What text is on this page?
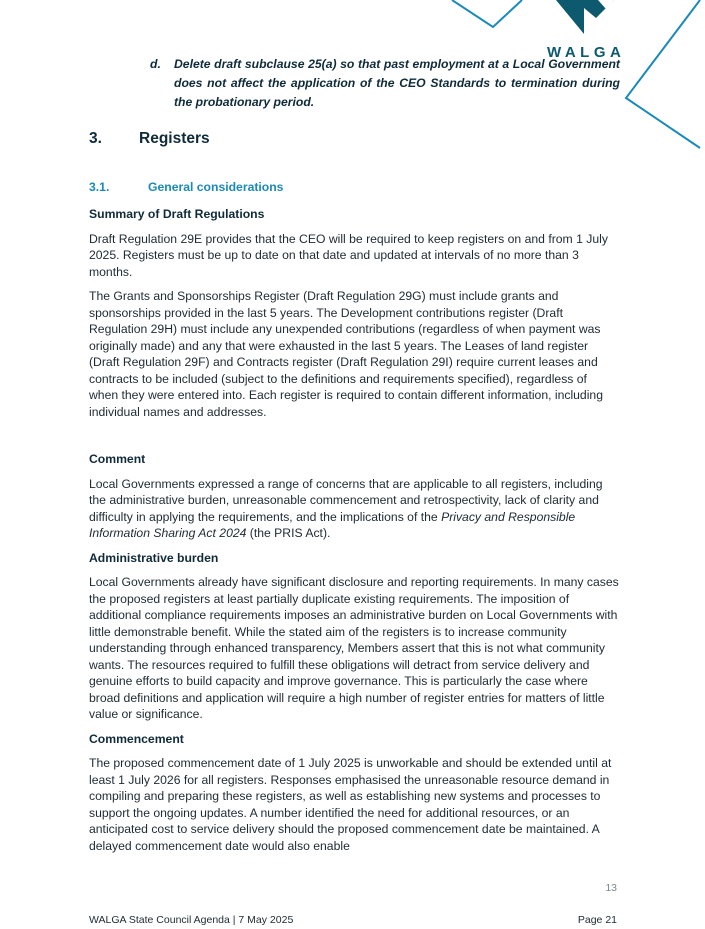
WALGA
d. Delete draft subclause 25(a) so that past employment at a Local Government does not affect the application of the CEO Standards to termination during the probationary period.
3. Registers
3.1.	General considerations

Summary of Draft Regulations

Draft Regulation 29E provides that the CEO will be required to keep registers on and from 1 July 2025. Registers must be up to date on that date and updated at intervals of no more than 3 months.

The Grants and Sponsorships Register (Draft Regulation 29G) must include grants and sponsorships provided in the last 5 years. The Development contributions register (Draft Regulation 29H) must include any unexpended contributions (regardless of when payment was originally made) and any that were exhausted in the last 5 years. The Leases of land register (Draft Regulation 29F) and Contracts register (Draft Regulation 29I) require current leases and contracts to be included (subject to the definitions and requirements specified), regardless of when they were entered into. Each register is required to contain different information, including individual names and addresses.

Comment

Local Governments expressed a range of concerns that are applicable to all registers, including the administrative burden, unreasonable commencement and retrospectivity, lack of clarity and difficulty in applying the requirements, and the implications of the Privacy and Responsible Information Sharing Act 2024 (the PRIS Act).

Administrative burden

Local Governments already have significant disclosure and reporting requirements. In many cases the proposed registers at least partially duplicate existing requirements. The imposition of additional compliance requirements imposes an administrative burden on Local Governments with little demonstrable benefit. While the stated aim of the registers is to increase community understanding through enhanced transparency, Members assert that this is not what community wants. The resources required to fulfill these obligations will detract from service delivery and genuine efforts to build capacity and improve governance. This is particularly the case where broad definitions and application will require a high number of register entries for matters of little value or significance.

Commencement

The proposed commencement date of 1 July 2025 is unworkable and should be extended until at least 1 July 2026 for all registers. Responses emphasised the unreasonable resource demand in compiling and preparing these registers, as well as establishing new systems and processes to support the ongoing updates. A number identified the need for additional resources, or an anticipated cost to service delivery should the proposed commencement date be maintained. A delayed commencement date would also enable

13
WALGA State Council Agenda | 7 May 2025	Page 21
